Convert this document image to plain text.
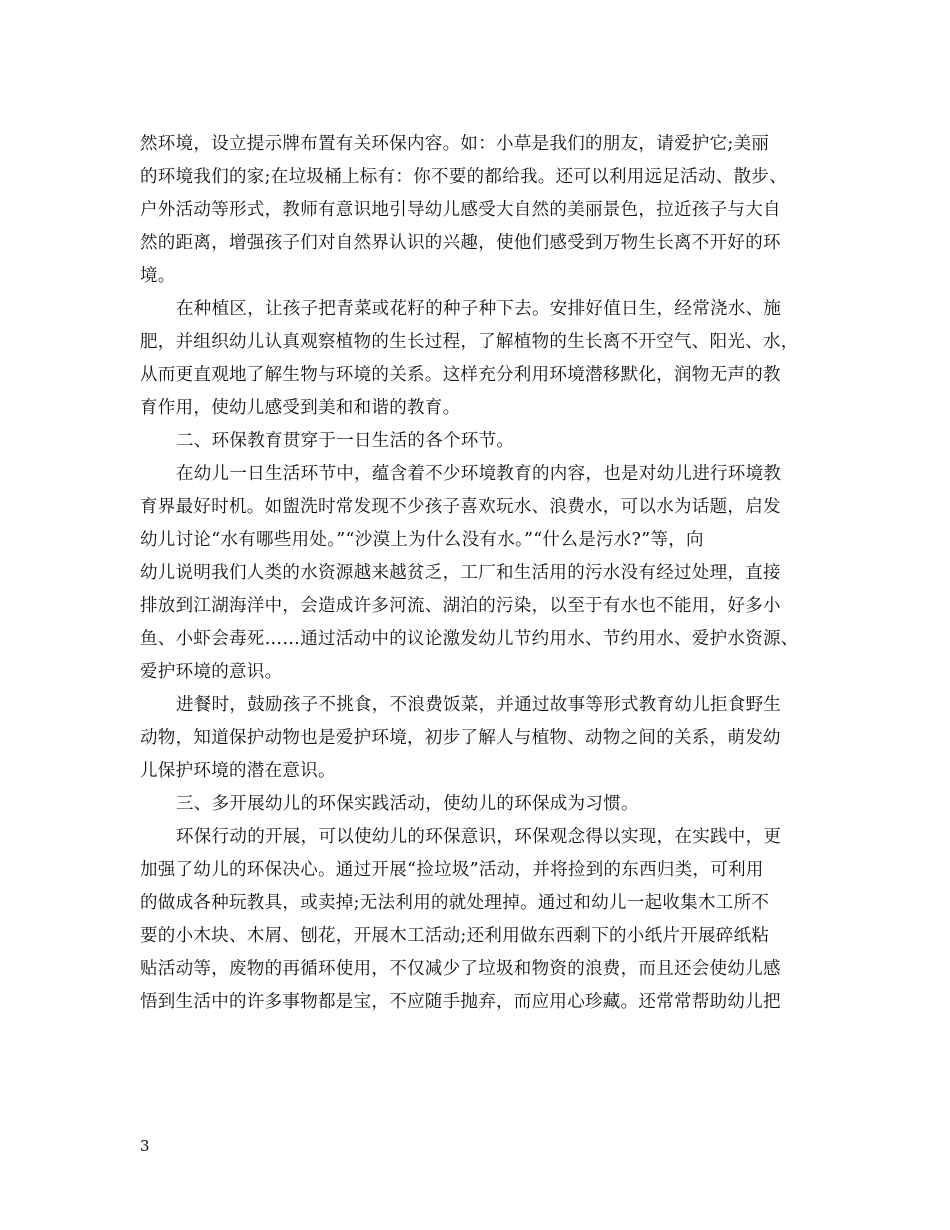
然环境，设立提示牌布置有关环保内容。如：小草是我们的朋友，请爱护它;美丽
的环境我们的家;在垃圾桶上标有：你不要的都给我。还可以利用远足活动、散步、
户外活动等形式，教师有意识地引导幼儿感受大自然的美丽景色，拉近孩子与大自
然的距离，增强孩子们对自然界认识的兴趣，使他们感受到万物生长离不开好的环
境。
在种植区，让孩子把青菜或花籽的种子种下去。安排好值日生，经常浇水、施
肥，并组织幼儿认真观察植物的生长过程，了解植物的生长离不开空气、阳光、水，
从而更直观地了解生物与环境的关系。这样充分利用环境潜移默化，润物无声的教
育作用，使幼儿感受到美和和谐的教育。
二、环保教育贯穿于一日生活的各个环节。
在幼儿一日生活环节中，蕴含着不少环境教育的内容，也是对幼儿进行环境教
育界最好时机。如盥洗时常发现不少孩子喜欢玩水、浪费水，可以水为话题，启发
幼儿讨论“水有哪些用处。”“沙漠上为什么没有水。”“什么是污水?”等，向
幼儿说明我们人类的水资源越来越贫乏，工厂和生活用的污水没有经过处理，直接
排放到江湖海洋中，会造成许多河流、湖泊的污染，以至于有水也不能用，好多小
鱼、小虾会毒死……通过活动中的议论激发幼儿节约用水、节约用水、爱护水资源、
爱护环境的意识。
进餐时，鼓励孩子不挑食，不浪费饭菜，并通过故事等形式教育幼儿拒食野生
动物，知道保护动物也是爱护环境，初步了解人与植物、动物之间的关系，萌发幼
儿保护环境的潜在意识。
三、多开展幼儿的环保实践活动，使幼儿的环保成为习惯。
环保行动的开展，可以使幼儿的环保意识，环保观念得以实现，在实践中，更
加强了幼儿的环保决心。通过开展“捡垃圾”活动，并将捡到的东西归类，可利用
的做成各种玩教具，或卖掉;无法利用的就处理掉。通过和幼儿一起收集木工所不
要的小木块、木屑、刨花，开展木工活动;还利用做东西剩下的小纸片开展碎纸粘
贴活动等，废物的再循环使用，不仅减少了垃圾和物资的浪费，而且还会使幼儿感
悟到生活中的许多事物都是宝，不应随手抛弃，而应用心珍藏。还常常帮助幼儿把
3
